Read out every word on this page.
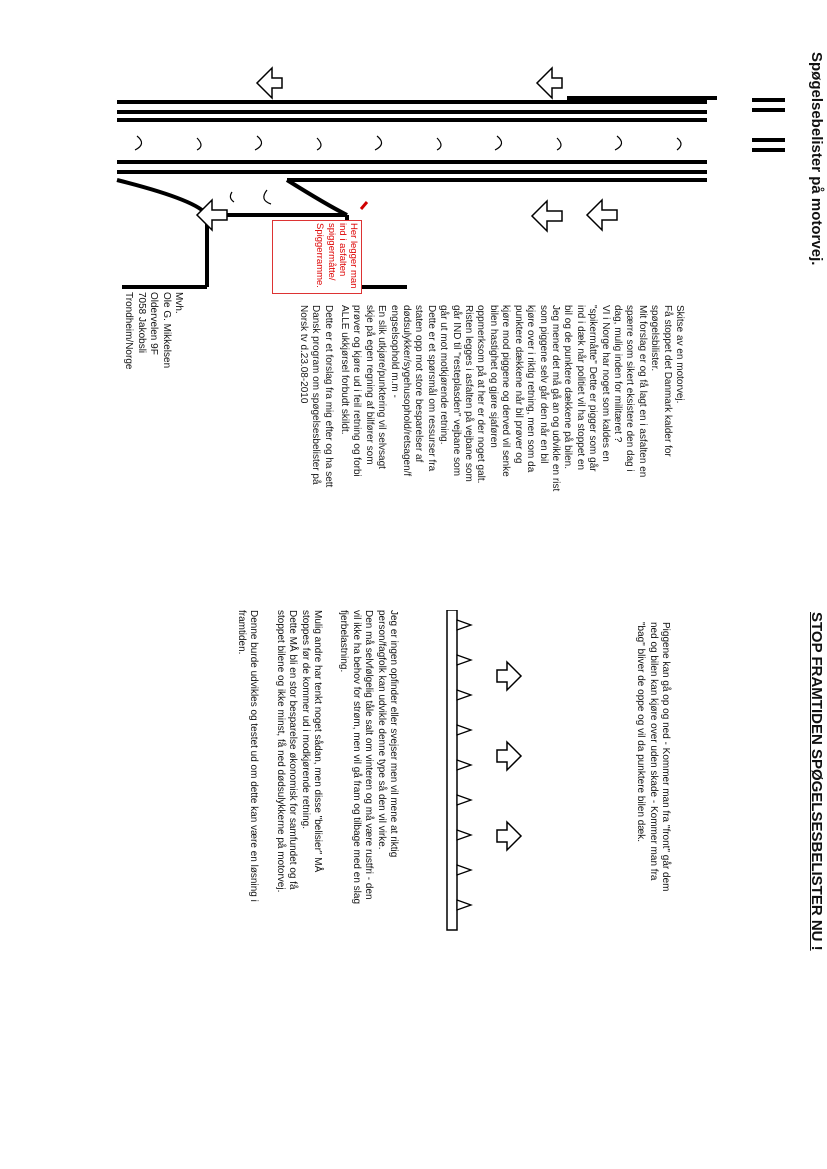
Spøgelsebelister på motorvej.
Skitse av en motorvej.
Få stoppet det Danmark kalder for
spøgelsbilister.
Mit forslag er og få lagt en i asfalten en
spærre som sikert eksistere den dag i
dag, mulig inden for militæret ?
VI i Norge har noget som kaldes en
"spikermåtte" Dette er pigger som går
ind i dæk når politiet vil ha stoppet en
bil og de punktere dækkene på bilen.
Jeg mener det må gå an og udvikle en rist
som piggene selv går den når en bil
kjøre over i riktig retning, men som da
punktere dækkene når bil prøver og
kjøre mod piggene og derved vil senke
bilen hastighet og gjøre sjaføren
oppmerksom på at her er der noget galt.
Risten legges i asfalten på vejbane som
går IND til "resteplasden" vejbane som
går ut mot motkjørende retning.
Dette er et spørsmål om ressurser fra
staten opp mot store besparelser af
dødsulykker/sygehusophold/retsagen/f
engselsophold m.m -
En slik utkjøre/punktering vil selvsagt
skje på egen regning af bilfører som
prøver og kjøre ud i feil retning og forbi
ALLE ukkjørsel forbudt skildt.
Dette er et forslag fra mig efter og ha sett
Dansk program om spøgelsesbelister på
Norsk tv d.23.08-2010
Mvh.
Ole G. Mikkelsen
Oldervelen 9F
7058 Jakobsli
Trondheim/Norge
Her legger man
ind i asfalten
spiggermåtte/
Spiggerramme.
STOP FRAMTIDEN SPØGELSESBELISTER NU !
Piggene kan gå op og ned - Kommer man fra "front" går dem
ned og bilen kan kjøre over uden skade - Kommer man fra
"bag" bliver de oppe og vil da punktere bilen dæk.
Jeg er ingen opfinder eller svejser men vil mene at riktig
person/fagfolk kan udvikle denne type så den vil virke.
Den må selvfølgelig tåle salt om vinteren og må være rustfri - den
vil ikke ha behov for strøm, men vil gå fram og tilbage med en slag
fjerbelastning.
Mulig andre har tenkt noget sådan, men disse "belisier" MÅ
stoppes før de kommer ud i modkjørende retning.
Dette MÅ bli en stor besparelse økonomisk for samfundet og få
stoppet bilene og ikke minst, få ned dødsulykkerne på motorvej.
Denne burde udvikles og testet ud om dette kan være en løsning i
framtiden.
